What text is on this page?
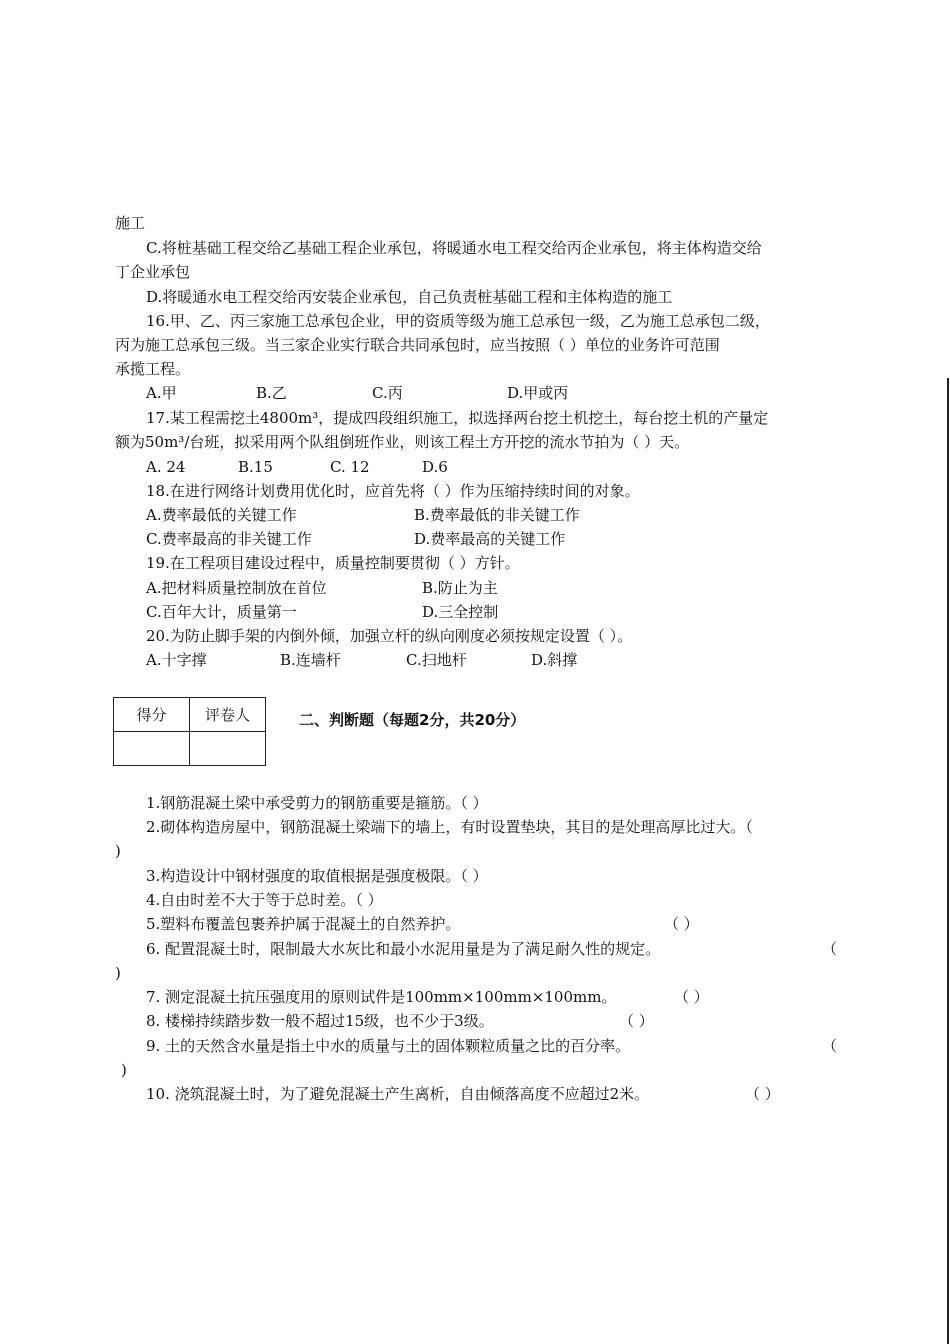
施工
C.将桩基础工程交给乙基础工程企业承包，将暖通水电工程交给丙企业承包，将主体构造交给
丁企业承包
D.将暖通水电工程交给丙安装企业承包，自己负责桩基础工程和主体构造的施工
16.甲、乙、丙三家施工总承包企业，甲的资质等级为施工总承包一级，乙为施工总承包二级，
丙为施工总承包三级。当三家企业实行联合共同承包时，应当按照（ ）单位的业务许可范围
承揽工程。
A.甲	B.乙	C.丙	D.甲或丙
17.某工程需挖土4800m³，提成四段组织施工，拟选择两台挖土机挖土，每台挖土机的产量定
额为50m³/台班，拟采用两个队组倒班作业，则该工程土方开挖的流水节拍为（ ）天。
A. 24	B.15	C. 12	D.6
18.在进行网络计划费用优化时，应首先将（ ）作为压缩持续时间的对象。
A.费率最低的关键工作	B.费率最低的非关键工作
C.费率最高的非关键工作	D.费率最高的关键工作
19.在工程项目建设过程中，质量控制要贯彻（ ）方针。
A.把材料质量控制放在首位	B.防止为主
C.百年大计，质量第一	D.三全控制
20.为防止脚手架的内倒外倾，加强立杆的纵向刚度必须按规定设置（ ）。
A.十字撑	B.连墙杆	C.扫地杆	D.斜撑
得分	评卷人
		二、判断题（每题2分，共20分）
1.钢筋混凝土梁中承受剪力的钢筋重要是箍筋。（ ）
2.砌体构造房屋中，钢筋混凝土梁端下的墙上，有时设置垫块，其目的是处理高厚比过大。（
)
3.构造设计中钢材强度的取值根据是强度极限。（ ）
4.自由时差不大于等于总时差。（ ）
5.塑料布覆盖包裹养护属于混凝土的自然养护。	（ ）
6. 配置混凝土时，限制最大水灰比和最小水泥用量是为了满足耐久性的规定。	（
)
7. 测定混凝土抗压强度用的原则试件是100mm×100mm×100mm。	（ ）
8. 楼梯持续踏步数一般不超过15级，也不少于3级。	（ ）
9. 土的天然含水量是指土中水的质量与土的固体颗粒质量之比的百分率。	（
)
10. 浇筑混凝土时，为了避免混凝土产生离析，自由倾落高度不应超过2米。	（ ）
